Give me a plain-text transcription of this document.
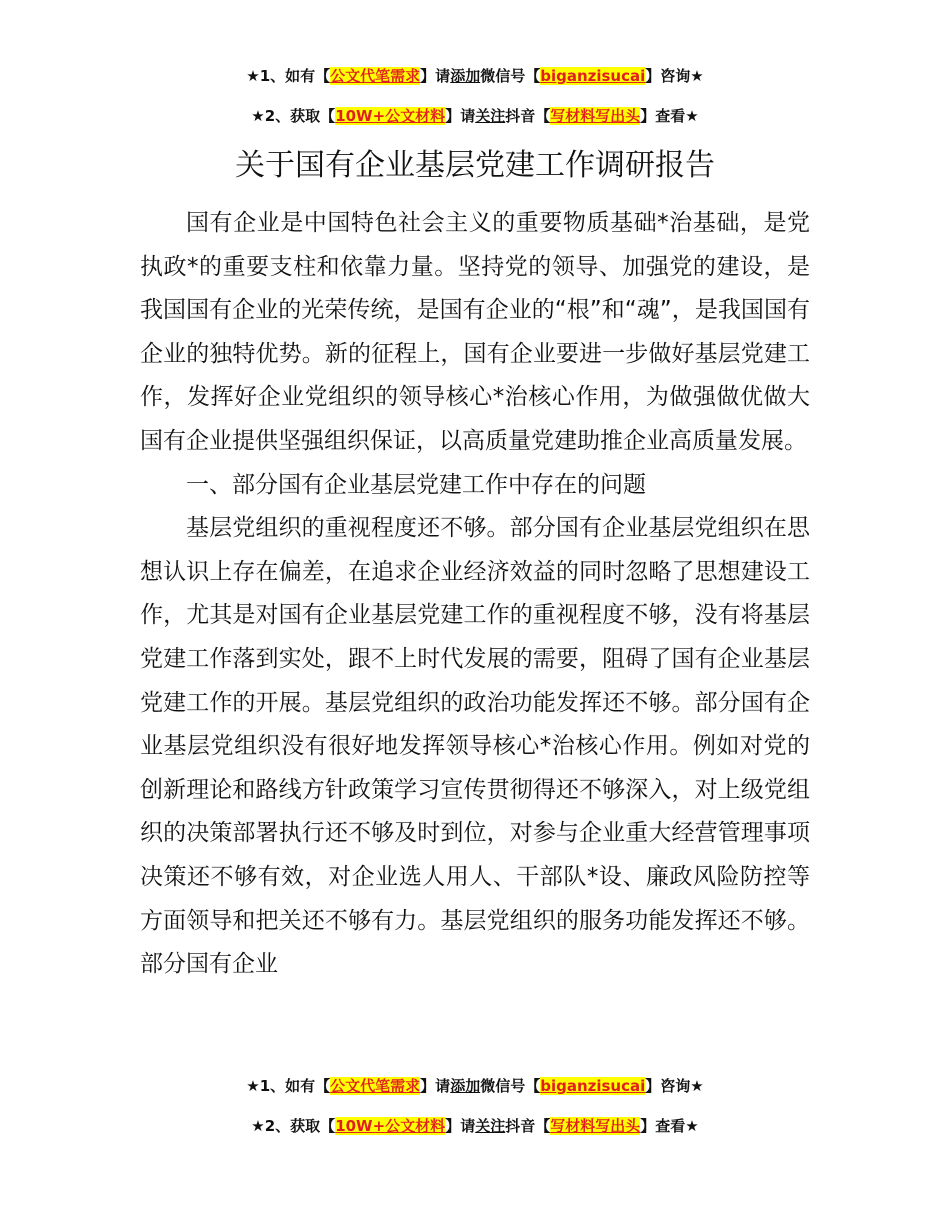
★1、如有【公文代笔需求】请添加微信号【biganzisucai】咨询★
★2、获取【10W+公文材料】请关注抖音【写材料写出头】查看★
关于国有企业基层党建工作调研报告

国有企业是中国特色社会主义的重要物质基础*治基础，是党执政*的重要支柱和依靠力量。坚持党的领导、加强党的建设，是我国国有企业的光荣传统，是国有企业的“根”和“魂”，是我国国有企业的独特优势。新的征程上，国有企业要进一步做好基层党建工作，发挥好企业党组织的领导核心*治核心作用，为做强做优做大国有企业提供坚强组织保证，以高质量党建助推企业高质量发展。

一、部分国有企业基层党建工作中存在的问题

基层党组织的重视程度还不够。部分国有企业基层党组织在思想认识上存在偏差，在追求企业经济效益的同时忽略了思想建设工作，尤其是对国有企业基层党建工作的重视程度不够，没有将基层党建工作落到实处，跟不上时代发展的需要，阻碍了国有企业基层党建工作的开展。基层党组织的政治功能发挥还不够。部分国有企业基层党组织没有很好地发挥领导核心*治核心作用。例如对党的创新理论和路线方针政策学习宣传贯彻得还不够深入，对上级党组织的决策部署执行还不够及时到位，对参与企业重大经营管理事项决策还不够有效，对企业选人用人、干部队*设、廉政风险防控等方面领导和把关还不够有力。基层党组织的服务功能发挥还不够。部分国有企业

★1、如有【公文代笔需求】请添加微信号【biganzisucai】咨询★
★2、获取【10W+公文材料】请关注抖音【写材料写出头】查看★
